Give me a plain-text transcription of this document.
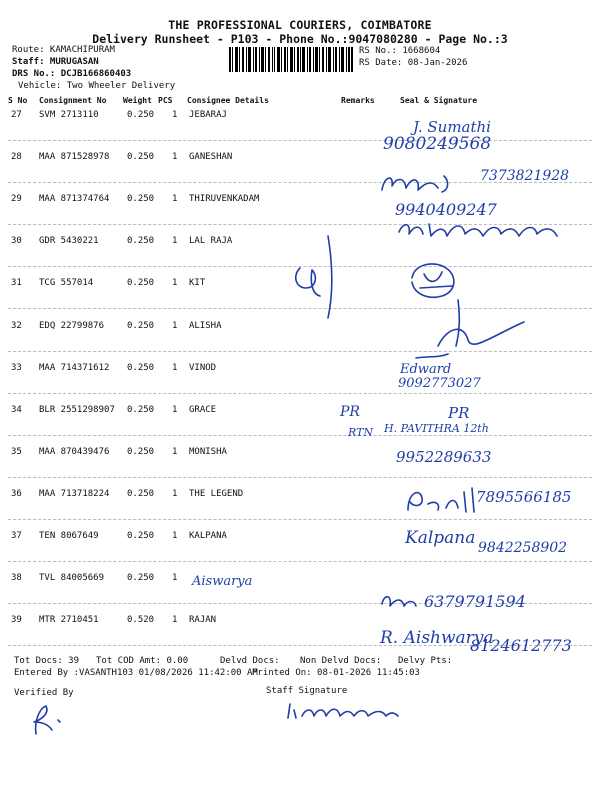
THE PROFESSIONAL COURIERS, COIMBATORE
Delivery Runsheet - P103 - Phone No.:9047080280 - Page No.:3
Route: KAMACHIPURAM
Staff: MURUGASAN
DRS No.: DCJB166860403
Vehicle: Two Wheeler Delivery
RS No.: 1668604
RS Date: 08-Jan-2026
S No Consignment No Weight PCS Consignee Details	Remarks	Seal & Signature
27 SVM 2713110	0.250 1 JEBARAJ
28 MAA 871528978 0.250 1 GANESHAN
29 MAA 871374764 0.250 1 THIRUVENKADAM
30 GDR 5430221	0.250 1 LAL RAJA
31 TCG 557014	0.250 1 KIT
32 EDQ 22799876	0.250 1 ALISHA
33 MAA 714371612 0.250 1 VINOD
34 BLR 2551298907 0.250 1 GRACE
35 MAA 870439476 0.250 1 MONISHA
36 MAA 713718224 0.250 1 THE LEGEND
37 TEN 8067649	0.250 1 KALPANA
38 TVL 84005669	0.250 1
39 MTR 2710451	0.520 1 RAJAN
J. Sumathi
9080249568
7373821928
9940409247
Edward
9092773027
PR
RTN
PR
H. PAVITHRA 12th
9952289633
7895566185
Kalpana 9842258902
Aiswarya
6379791594
R. Aishwarya
8124612773
Tot Docs: 39 Tot COD Amt: 0.00	Delvd Docs: Non Delvd Docs: Delvy Pts:
Entered By :VASANTH103 01/08/2026 11:42:00 AM
Printed On: 08-01-2026 11:45:03
Verified By	Staff Signature
